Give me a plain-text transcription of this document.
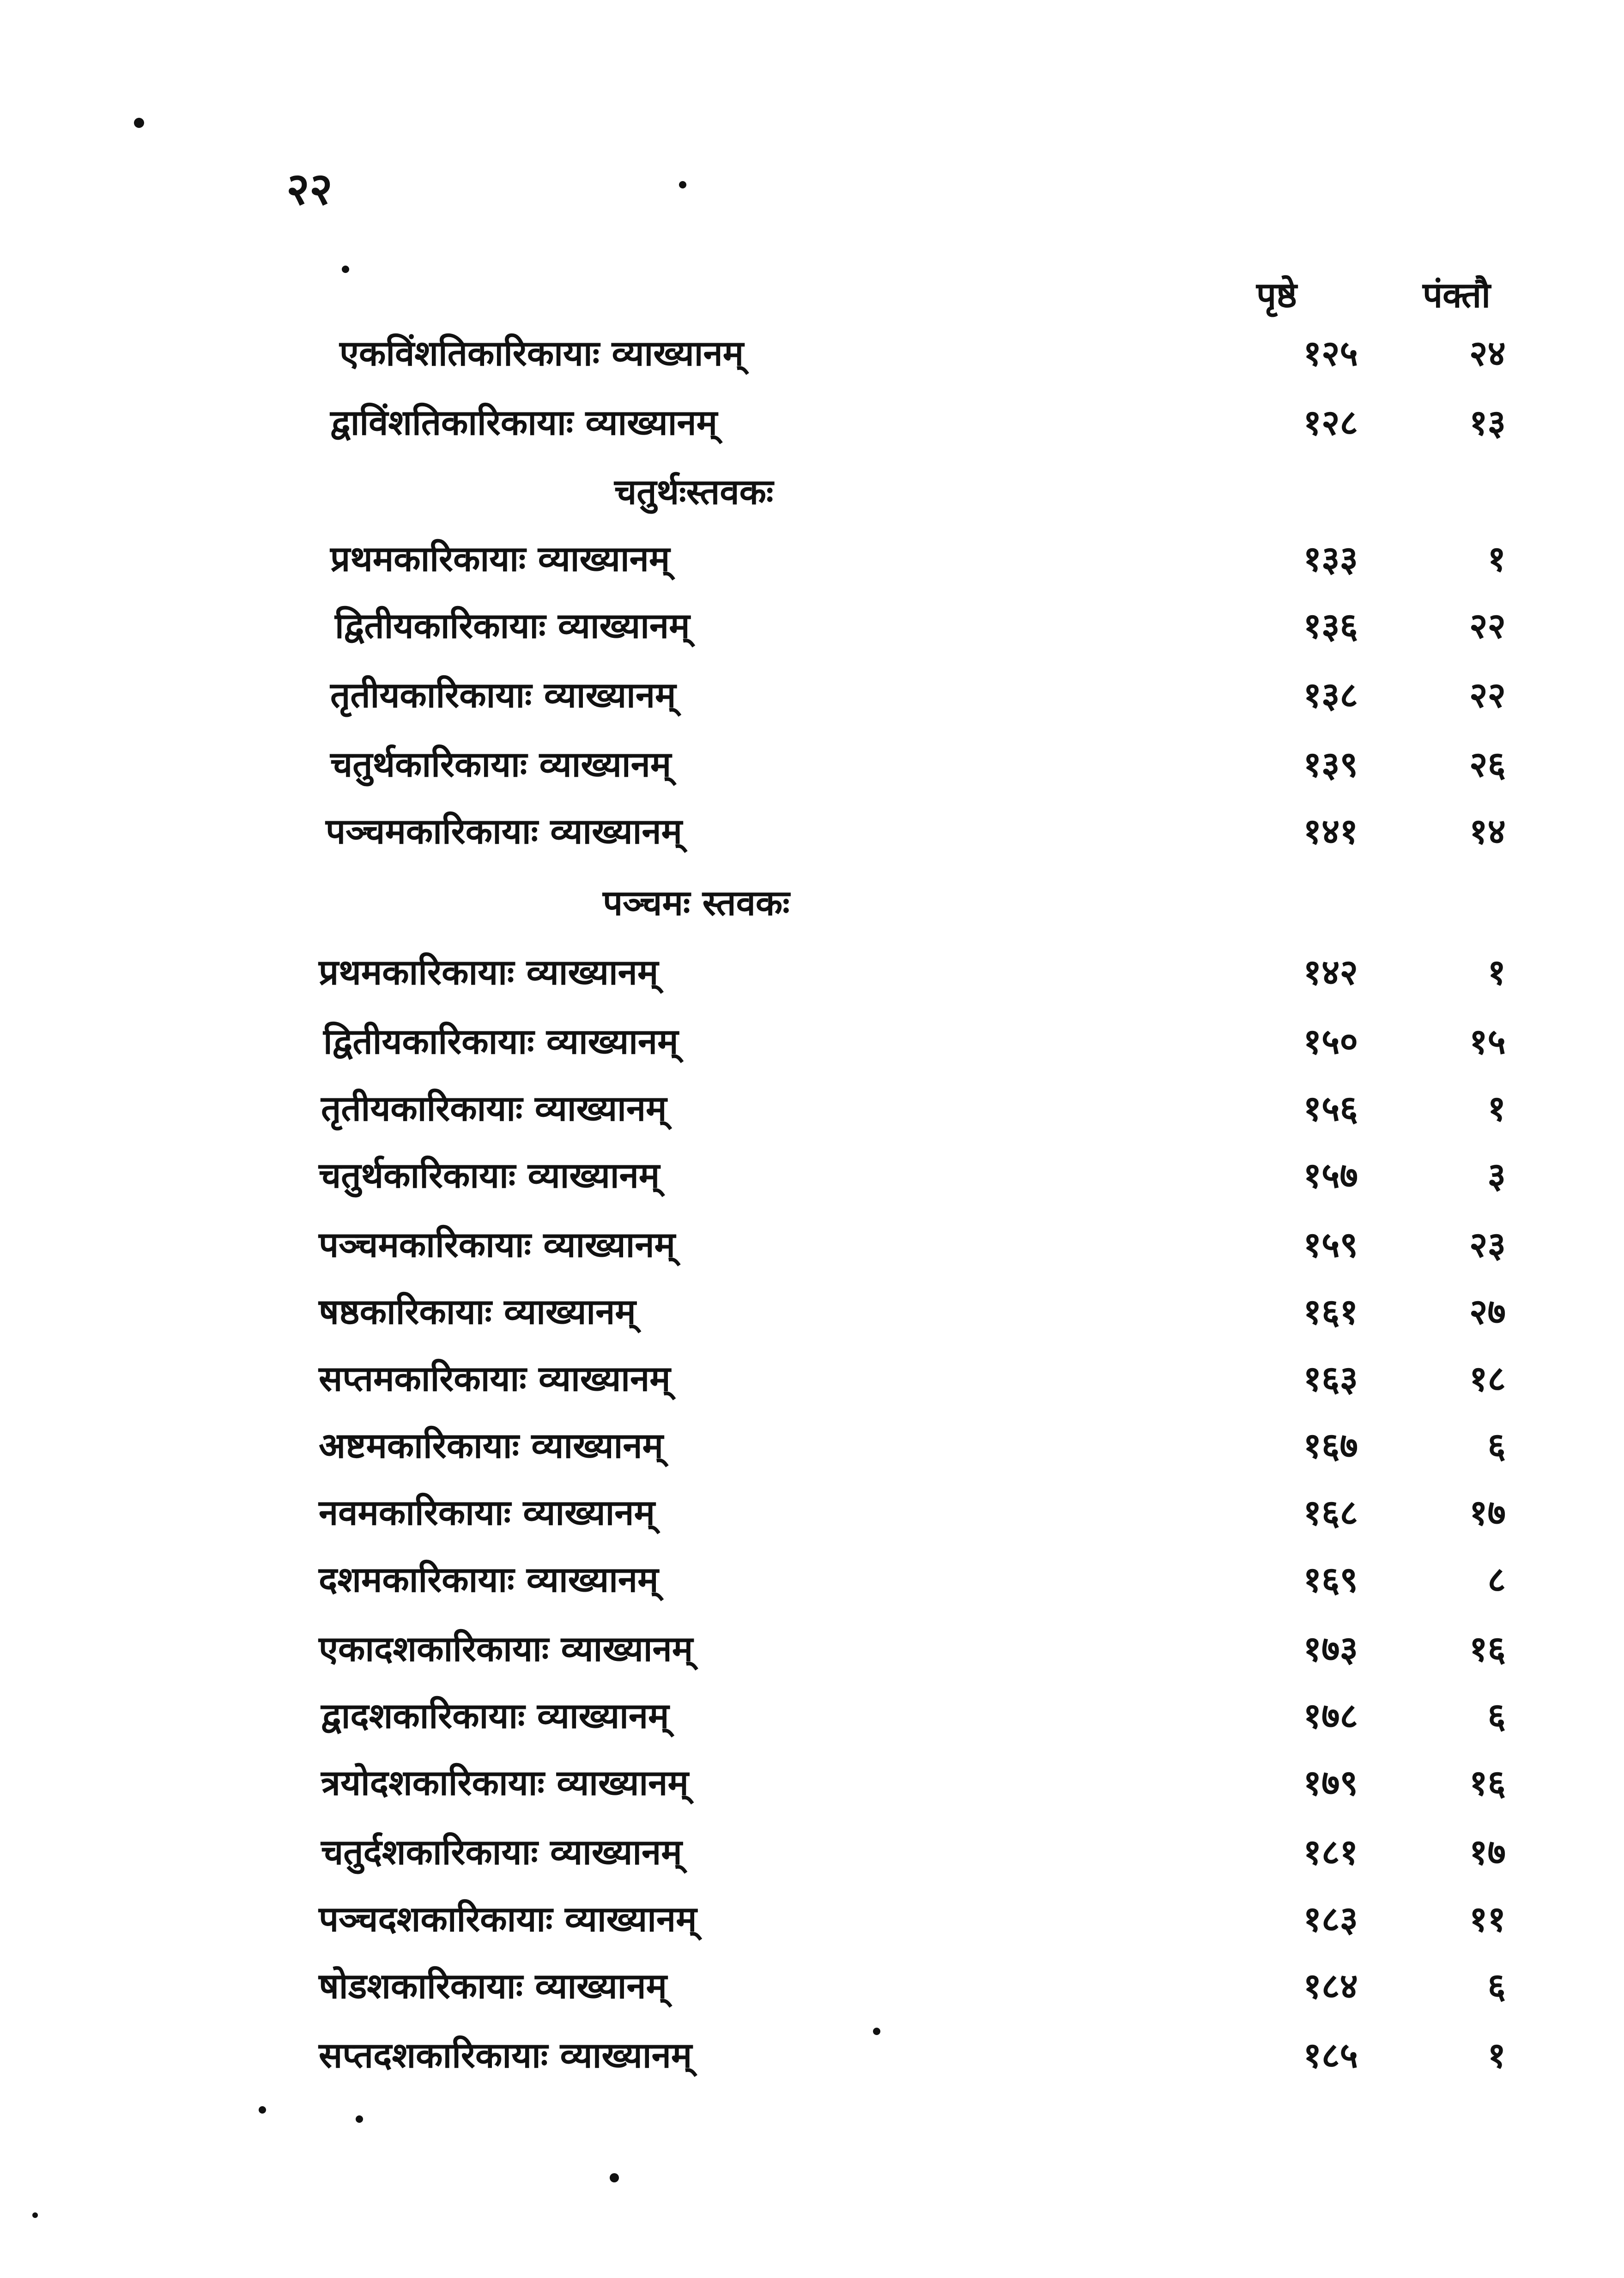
२२
पृष्ठे	पंक्तौ
एकविंशतिकारिकायाः व्याख्यानम्	१२५	२४
द्वाविंशतिकारिकायाः व्याख्यानम्	१२८	१३
चतुर्थःस्तवकः
प्रथमकारिकायाः व्याख्यानम्	१३३	१
द्वितीयकारिकायाः व्याख्यानम्	१३६	२२
तृतीयकारिकायाः व्याख्यानम्	१३८	२२
चतुर्थकारिकायाः व्याख्यानम्	१३९	२६
पञ्चमकारिकायाः व्याख्यानम्	१४१	१४
पञ्चमः स्तवकः
प्रथमकारिकायाः व्याख्यानम्	१४२	१
द्वितीयकारिकायाः व्याख्यानम्	१५०	१५
तृतीयकारिकायाः व्याख्यानम्	१५६	१
चतुर्थकारिकायाः व्याख्यानम्	१५७	३
पञ्चमकारिकायाः व्याख्यानम्	१५९	२३
षष्ठकारिकायाः व्याख्यानम्	१६१	२७
सप्तमकारिकायाः व्याख्यानम्	१६३	१८
अष्टमकारिकायाः व्याख्यानम्	१६७	६
नवमकारिकायाः व्याख्यानम्	१६८	१७
दशमकारिकायाः व्याख्यानम्	१६९	८
एकादशकारिकायाः व्याख्यानम्	१७३	१६
द्वादशकारिकायाः व्याख्यानम्	१७८	६
त्रयोदशकारिकायाः व्याख्यानम्	१७९	१६
चतुर्दशकारिकायाः व्याख्यानम्	१८१	१७
पञ्चदशकारिकायाः व्याख्यानम्	१८३	११
षोडशकारिकायाः व्याख्यानम्	१८४	६
सप्तदशकारिकायाः व्याख्यानम्	१८५	१
